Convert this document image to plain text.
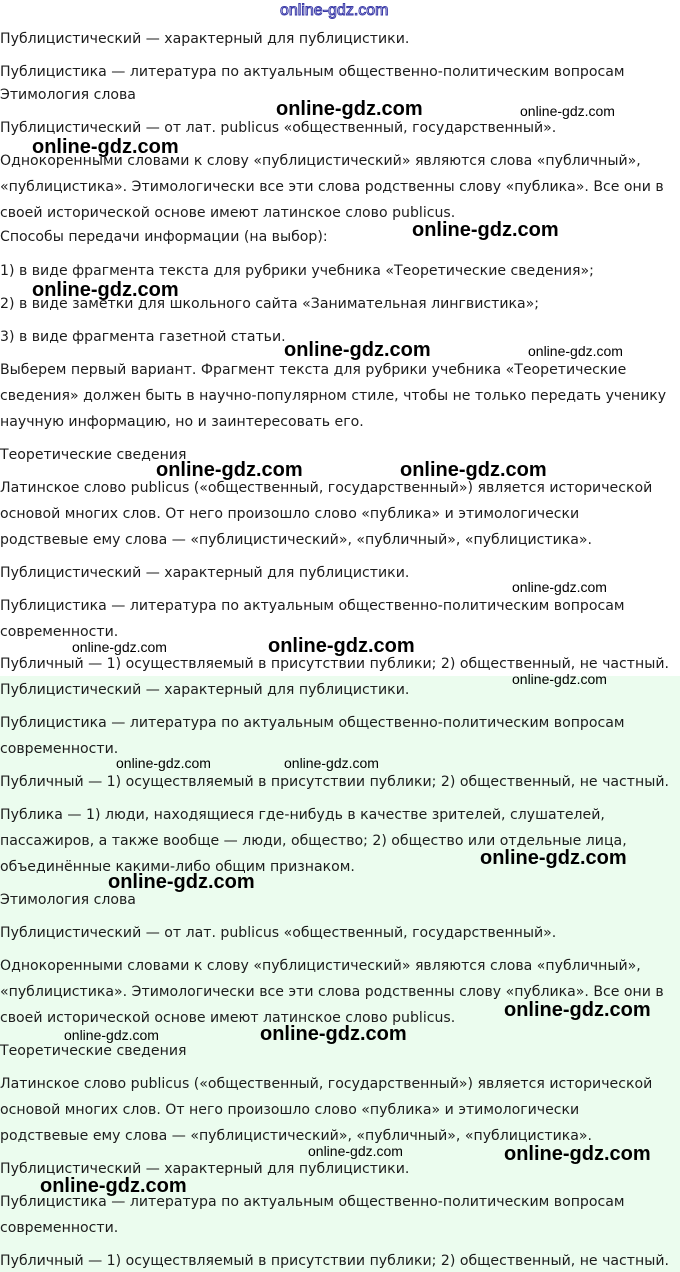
online-gdz.com

Публицистический — характерный для публицистики.

Публицистика — литература по актуальным общественно-политическим вопросам

Этимология слова

Публицистический — от лат. publicus «общественный, государственный».

Однокоренными словами к слову «публицистический» являются слова «публичный»,

«публицистика». Этимологически все эти слова родственны слову «публика». Все они в

своей исторической основе имеют латинское слово publicus.

Способы передачи информации (на выбор):

1) в виде фрагмента текста для рубрики учебника «Теоретические сведения»;

2) в виде заметки для школьного сайта «Занимательная лингвистика»;

3) в виде фрагмента газетной статьи.

Выберем первый вариант. Фрагмент текста для рубрики учебника «Теоретические

сведения» должен быть в научно-популярном стиле, чтобы не только передать ученику

научную информацию, но и заинтересовать его.

Теоретические сведения

Латинское слово publicus («общественный, государственный») является исторической

основой многих слов. От него произошло слово «публика» и этимологически

родствевые ему слова — «публицистический», «публичный», «публицистика».

Публицистический — характерный для публицистики.

Публицистика — литература по актуальным общественно-политическим вопросам

современности.

Публичный — 1) осуществляемый в присутствии публики; 2) общественный, не частный.

Публицистический — характерный для публицистики.

Публицистика — литература по актуальным общественно-политическим вопросам

современности.

Публичный — 1) осуществляемый в присутствии публики; 2) общественный, не частный.

Публика — 1) люди, находящиеся где-нибудь в качестве зрителей, слушателей,

пассажиров, а также вообще — люди, общество; 2) общество или отдельные лица,

объединённые какими-либо общим признаком.

Этимология слова

Публицистический — от лат. publicus «общественный, государственный».

Однокоренными словами к слову «публицистический» являются слова «публичный»,

«публицистика». Этимологически все эти слова родственны слову «публика». Все они в

своей исторической основе имеют латинское слово publicus.

Теоретические сведения

Латинское слово publicus («общественный, государственный») является исторической

основой многих слов. От него произошло слово «публика» и этимологически

родствевые ему слова — «публицистический», «публичный», «публицистика».

Публицистический — характерный для публицистики.

Публицистика — литература по актуальным общественно-политическим вопросам

современности.

Публичный — 1) осуществляемый в присутствии публики; 2) общественный, не частный.

online-gdz.com	online-gdz.com

online-gdz.com

online-gdz.com

online-gdz.com

online-gdz.com	online-gdz.com

online-gdz.com	online-gdz.com

online-gdz.com

online-gdz.com	online-gdz.com

online-gdz.com

online-gdz.com	online-gdz.com

online-gdz.com

online-gdz.com

online-gdz.com

online-gdz.com	online-gdz.com

online-gdz.com	online-gdz.com

online-gdz.com
